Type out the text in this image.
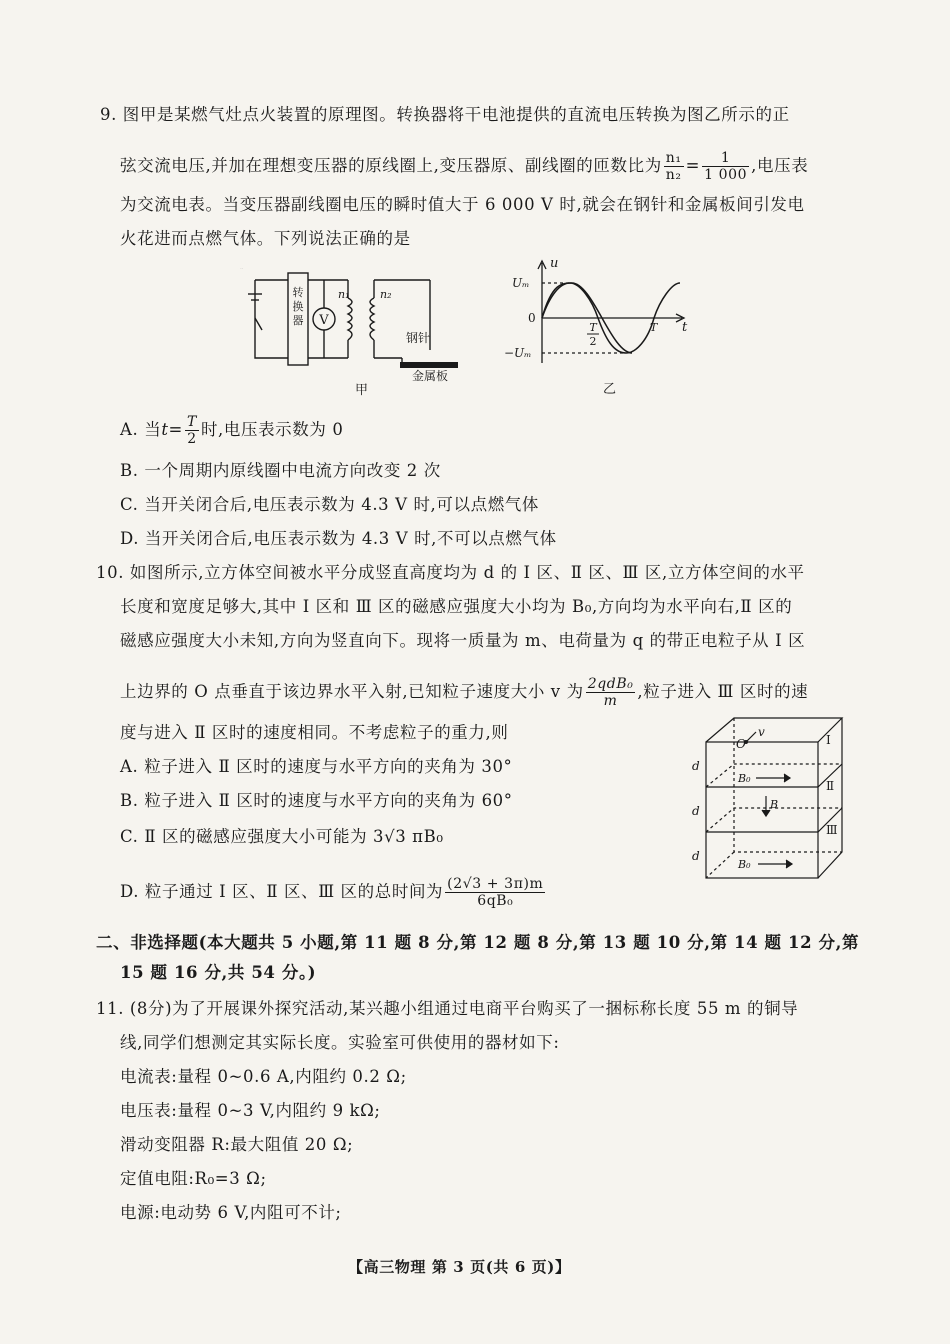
9. 图甲是某燃气灶点火装置的原理图。转换器将干电池提供的直流电压转换为图乙所示的正
弦交流电压,并加在理想变压器的原线圈上,变压器原、副线圈的匝数比为 $\frac{\text{n₁}}{\text{n₂}} = \frac{1}{1 000}$ ,电压表
为交流电表。当变压器副线圈电压的瞬时值大于 6 000 V 时,就会在钢针和金属板间引发电
火花进而点燃气体。下列说法正确的是
转
换
器
转换器
V
n₁	n₂
钢针
金属板
甲
u
t
0
Uₘ
−Uₘ
T
2
T
乙
A. 当$t= \frac{T}{2}$ 时,电压表示数为 0
B. 一个周期内原线圈中电流方向改变 2 次
C. 当开关闭合后,电压表示数为 4.3 V 时,可以点燃气体
D. 当开关闭合后,电压表示数为 4.3 V 时,不可以点燃气体
10. 如图所示,立方体空间被水平分成竖直高度均为 d 的 Ⅰ 区、Ⅱ 区、Ⅲ 区,立方体空间的水平
长度和宽度足够大,其中 Ⅰ 区和 Ⅲ 区的磁感应强度大小均为 B₀,方向均为水平向右,Ⅱ 区的
磁感应强度大小未知,方向为竖直向下。现将一质量为 m、电荷量为 q 的带正电粒子从 Ⅰ 区
上边界的 O 点垂直于该边界水平入射,已知粒子速度大小 v 为 $\frac{\text{2qdB₀}}{m}$ ,粒子进入 Ⅲ 区时的速
度与进入 Ⅱ 区时的速度相同。不考虑粒子的重力,则
A. 粒子进入 Ⅱ 区时的速度与水平方向的夹角为 30°
B. 粒子进入 Ⅱ 区时的速度与水平方向的夹角为 60°
C. Ⅱ 区的磁感应强度大小可能为 3√3 πB₀
D. 粒子通过 Ⅰ 区、Ⅱ 区、Ⅲ 区的总时间为 $\frac{(2√3 + 3\pi)m}{\text{6qB₀}}$
O
v
d
d
d
Ⅰ
Ⅱ
Ⅲ
B₀
B
B₀
二、非选择题(本大题共 5 小题,第 11 题 8 分,第 12 题 8 分,第 13 题 10 分,第 14 题 12 分,第
15 题 16 分,共 54 分。)
11. (8分)为了开展课外探究活动,某兴趣小组通过电商平台购买了一捆标称长度 55 m 的铜导
线,同学们想测定其实际长度。实验室可供使用的器材如下:
电流表:量程 0~0.6 A,内阻约 0.2 Ω;
电压表:量程 0~3 V,内阻约 9 kΩ;
滑动变阻器 R:最大阻值 20 Ω;
定值电阻:R₀=3 Ω;
电源:电动势 6 V,内阻可不计;
【高三物理 第 3 页(共 6 页)】
